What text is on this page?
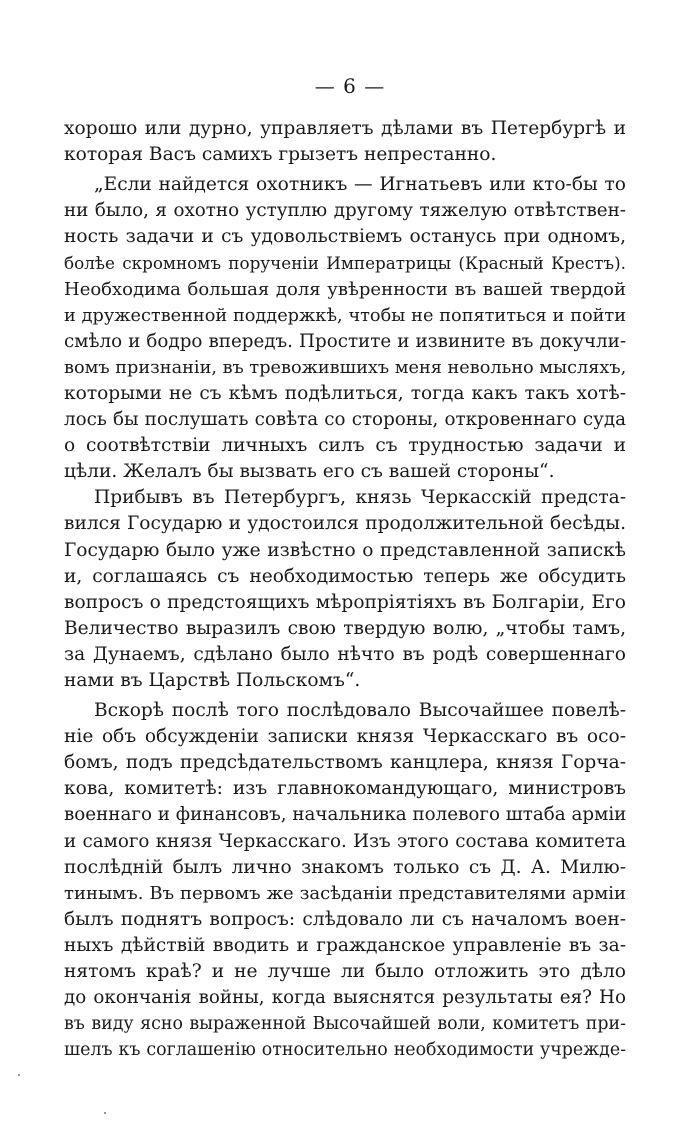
— 6 —
хорошо или дурно, управляетъ дѣлами въ Петербургѣ и
которая Васъ самихъ грызетъ непрестанно.
„Если найдется охотникъ — Игнатьевъ или кто-бы то
ни было, я охотно уступлю другому тяжелую отвѣтствен-
ность задачи и съ удовольствіемъ останусь при одномъ,
болѣе скромномъ порученіи Императрицы (Красный Крестъ).
Необходима большая доля увѣренности въ вашей твердой
и дружественной поддержкѣ, чтобы не попятиться и пойти
смѣло и бодро впередъ. Простите и извините въ докучли-
вомъ признаніи, въ тревожившихъ меня невольно мысляхъ,
которыми не съ кѣмъ подѣлиться, тогда какъ такъ хотѣ-
лось бы послушать совѣта со стороны, откровеннаго суда
о соотвѣтствіи личныхъ силъ съ трудностью задачи и
цѣли. Желалъ бы вызвать его съ вашей стороны“.
Прибывъ въ Петербургъ, князь Черкасскій предста-
вился Государю и удостоился продолжительной бесѣды.
Государю было уже извѣстно о представленной запискѣ
и, соглашаясь съ необходимостью теперь же обсудить
вопросъ о предстоящихъ мѣропріятіяхъ въ Болгаріи, Его
Величество выразилъ свою твердую волю, „чтобы тамъ,
за Дунаемъ, сдѣлано было нѣчто въ родѣ совершеннаго
нами въ Царствѣ Польскомъ“.
Вскорѣ послѣ того послѣдовало Высочайшее повелѣ-
ніе объ обсужденіи записки князя Черкасскаго въ осо-
бомъ, подъ предсѣдательствомъ канцлера, князя Горча-
кова, комитетѣ: изъ главнокомандующаго, министровъ
военнаго и финансовъ, начальника полевого штаба арміи
и самого князя Черкасскаго. Изъ этого состава комитета
послѣдній былъ лично знакомъ только съ Д. А. Милю-
тинымъ. Въ первомъ же засѣданіи представителями арміи
былъ поднятъ вопросъ: слѣдовало ли съ началомъ воен-
ныхъ дѣйствій вводить и гражданское управленіе въ за-
нятомъ краѣ? и не лучше ли было отложить это дѣло
до окончанія войны, когда выяснятся результаты ея? Но
въ виду ясно выраженной Высочайшей воли, комитетъ при-
шелъ къ соглашенію относительно необходимости учрежде-
